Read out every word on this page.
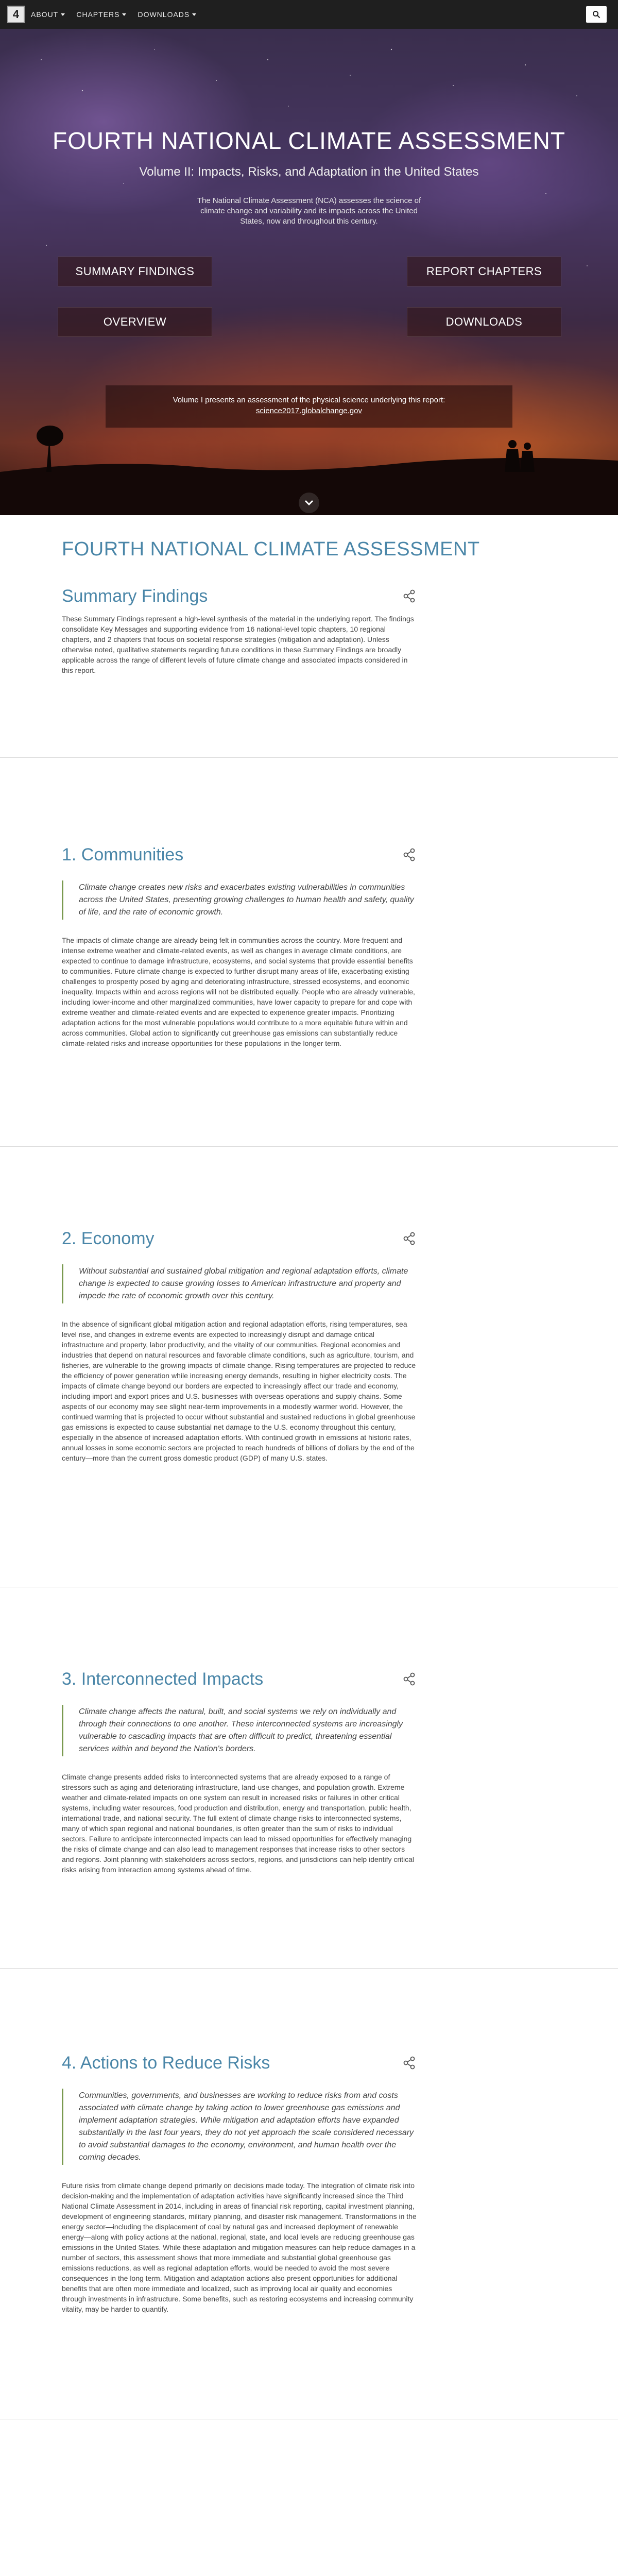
4	ABOUT	CHAPTERS	DOWNLOADS
FOURTH NATIONAL CLIMATE ASSESSMENT
Volume II: Impacts, Risks, and Adaptation in the United States
The National Climate Assessment (NCA) assesses the science of climate change and variability and its impacts across the United States, now and throughout this century.
SUMMARY FINDINGS	REPORT CHAPTERS
OVERVIEW	DOWNLOADS
Volume I presents an assessment of the physical science underlying this report:
science2017.globalchange.gov
FOURTH NATIONAL CLIMATE ASSESSMENT
Summary Findings
These Summary Findings represent a high-level synthesis of the material in the underlying report. The findings consolidate Key Messages and supporting evidence from 16 national-level topic chapters, 10 regional chapters, and 2 chapters that focus on societal response strategies (mitigation and adaptation). Unless otherwise noted, qualitative statements regarding future conditions in these Summary Findings are broadly applicable across the range of different levels of future climate change and associated impacts considered in this report.
1. Communities
Climate change creates new risks and exacerbates existing vulnerabilities in communities across the United States, presenting growing challenges to human health and safety, quality of life, and the rate of economic growth.
The impacts of climate change are already being felt in communities across the country. More frequent and intense extreme weather and climate-related events, as well as changes in average climate conditions, are expected to continue to damage infrastructure, ecosystems, and social systems that provide essential benefits to communities. Future climate change is expected to further disrupt many areas of life, exacerbating existing challenges to prosperity posed by aging and deteriorating infrastructure, stressed ecosystems, and economic inequality. Impacts within and across regions will not be distributed equally. People who are already vulnerable, including lower-income and other marginalized communities, have lower capacity to prepare for and cope with extreme weather and climate-related events and are expected to experience greater impacts. Prioritizing adaptation actions for the most vulnerable populations would contribute to a more equitable future within and across communities. Global action to significantly cut greenhouse gas emissions can substantially reduce climate-related risks and increase opportunities for these populations in the longer term.
2. Economy
Without substantial and sustained global mitigation and regional adaptation efforts, climate change is expected to cause growing losses to American infrastructure and property and impede the rate of economic growth over this century.
In the absence of significant global mitigation action and regional adaptation efforts, rising temperatures, sea level rise, and changes in extreme events are expected to increasingly disrupt and damage critical infrastructure and property, labor productivity, and the vitality of our communities. Regional economies and industries that depend on natural resources and favorable climate conditions, such as agriculture, tourism, and fisheries, are vulnerable to the growing impacts of climate change. Rising temperatures are projected to reduce the efficiency of power generation while increasing energy demands, resulting in higher electricity costs. The impacts of climate change beyond our borders are expected to increasingly affect our trade and economy, including import and export prices and U.S. businesses with overseas operations and supply chains. Some aspects of our economy may see slight near-term improvements in a modestly warmer world. However, the continued warming that is projected to occur without substantial and sustained reductions in global greenhouse gas emissions is expected to cause substantial net damage to the U.S. economy throughout this century, especially in the absence of increased adaptation efforts. With continued growth in emissions at historic rates, annual losses in some economic sectors are projected to reach hundreds of billions of dollars by the end of the century—more than the current gross domestic product (GDP) of many U.S. states.
3. Interconnected Impacts
Climate change affects the natural, built, and social systems we rely on individually and through their connections to one another. These interconnected systems are increasingly vulnerable to cascading impacts that are often difficult to predict, threatening essential services within and beyond the Nation's borders.
Climate change presents added risks to interconnected systems that are already exposed to a range of stressors such as aging and deteriorating infrastructure, land-use changes, and population growth. Extreme weather and climate-related impacts on one system can result in increased risks or failures in other critical systems, including water resources, food production and distribution, energy and transportation, public health, international trade, and national security. The full extent of climate change risks to interconnected systems, many of which span regional and national boundaries, is often greater than the sum of risks to individual sectors. Failure to anticipate interconnected impacts can lead to missed opportunities for effectively managing the risks of climate change and can also lead to management responses that increase risks to other sectors and regions. Joint planning with stakeholders across sectors, regions, and jurisdictions can help identify critical risks arising from interaction among systems ahead of time.
4. Actions to Reduce Risks
Communities, governments, and businesses are working to reduce risks from and costs associated with climate change by taking action to lower greenhouse gas emissions and implement adaptation strategies. While mitigation and adaptation efforts have expanded substantially in the last four years, they do not yet approach the scale considered necessary to avoid substantial damages to the economy, environment, and human health over the coming decades.
Future risks from climate change depend primarily on decisions made today. The integration of climate risk into decision-making and the implementation of adaptation activities have significantly increased since the Third National Climate Assessment in 2014, including in areas of financial risk reporting, capital investment planning, development of engineering standards, military planning, and disaster risk management. Transformations in the energy sector—including the displacement of coal by natural gas and increased deployment of renewable energy—along with policy actions at the national, regional, state, and local levels are reducing greenhouse gas emissions in the United States. While these adaptation and mitigation measures can help reduce damages in a number of sectors, this assessment shows that more immediate and substantial global greenhouse gas emissions reductions, as well as regional adaptation efforts, would be needed to avoid the most severe consequences in the long term. Mitigation and adaptation actions also present opportunities for additional benefits that are often more immediate and localized, such as improving local air quality and economies through investments in infrastructure. Some benefits, such as restoring ecosystems and increasing community vitality, may be harder to quantify.
